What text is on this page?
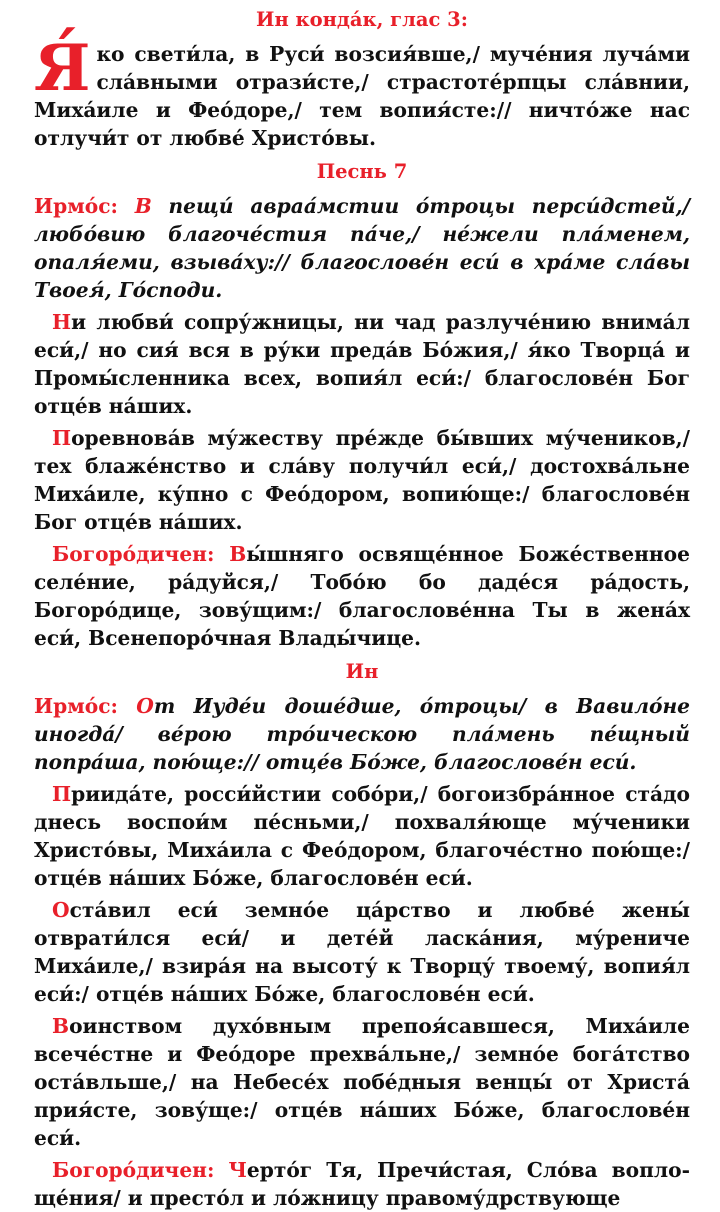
Ин конда́к, глас 3:

Я́ко свети́ла, в Руси́ возсия́вше,/ муче́ния луча́ми сла́вными отрази́сте,/ страстоте́рпцы сла́внии, Миха́иле и Фео́доре,/ тем вопия́сте:// ничто́же нас отлучи́т от любве́ Христо́вы.

Песнь 7

Ирмо́с: В пещи́ авраа́мстии о́троцы перси́дстей,/ любо́вию благоче́стия па́че,/ не́жели пла́менем, опаля́еми, взыва́ху:// благослове́н еси́ в хра́ме сла́вы Твоея́, Го́споди.

Ни любви́ сопру́жницы, ни чад разлуче́нию внима́л еси́,/ но сия́ вся в ру́ки преда́в Бо́жия,/ я́ко Творца́ и Промы́сленника всех, вопия́л еси́:/ благослове́н Бог отце́в на́ших.

Поревнова́в му́жеству пре́жде бы́вших му́чеников,/ тех блаже́нство и сла́ву получи́л еси́,/ достохва́льне Миха́иле, ку́пно с Фео́дором, вопию́ще:/ благослове́н Бог отце́в на́ших.

Богоро́дичен: Вы́шняго освяще́нное Боже́ственное селе́ние, ра́дуйся,/ Тобо́ю бо даде́ся ра́дость, Богоро́дице, зову́щим:/ благослове́нна Ты в жена́х еси́, Всенепоро́чная Влады́чице.

Ин

Ирмо́с: От Иуде́и доше́дше, о́троцы/ в Вавило́не иногда́/ ве́рою тро́ическою пла́мень пе́щный попра́ша, пою́ще:// отце́в Бо́же, благослове́н еси́.

Приида́те, росси́йстии собо́ри,/ богоизбра́нное ста́до днесь воспои́м пе́сньми,/ похваля́юще му́ченики Христо́вы, Миха́ила с Фео́дором, благоче́стно пою́ще:/ отце́в на́ших Бо́же, благослове́н еси́.

Оста́вил еси́ земно́е ца́рство и любве́ жены́ отврати́лся еси́/ и дете́й ласка́ния, му́рениче Миха́иле,/ взира́я на высоту́ к Творцу́ твоему́, вопия́л еси́:/ отце́в на́ших Бо́же, благослове́н еси́.

Воинством духо́вным препоя́савшеся, Миха́иле всече́стне и Фео́доре прехва́льне,/ земно́е бога́тство оста́вльше,/ на Небесе́х побе́дныя венцы́ от Христа́ прия́сте, зову́ще:/ отце́в на́ших Бо́же, благослове́н еси́.

Богоро́дичен: Черто́г Тя, Пречи́стая, Сло́ва вопло-ще́ния/ и престо́л и ло́жницу правому́дрствующе
